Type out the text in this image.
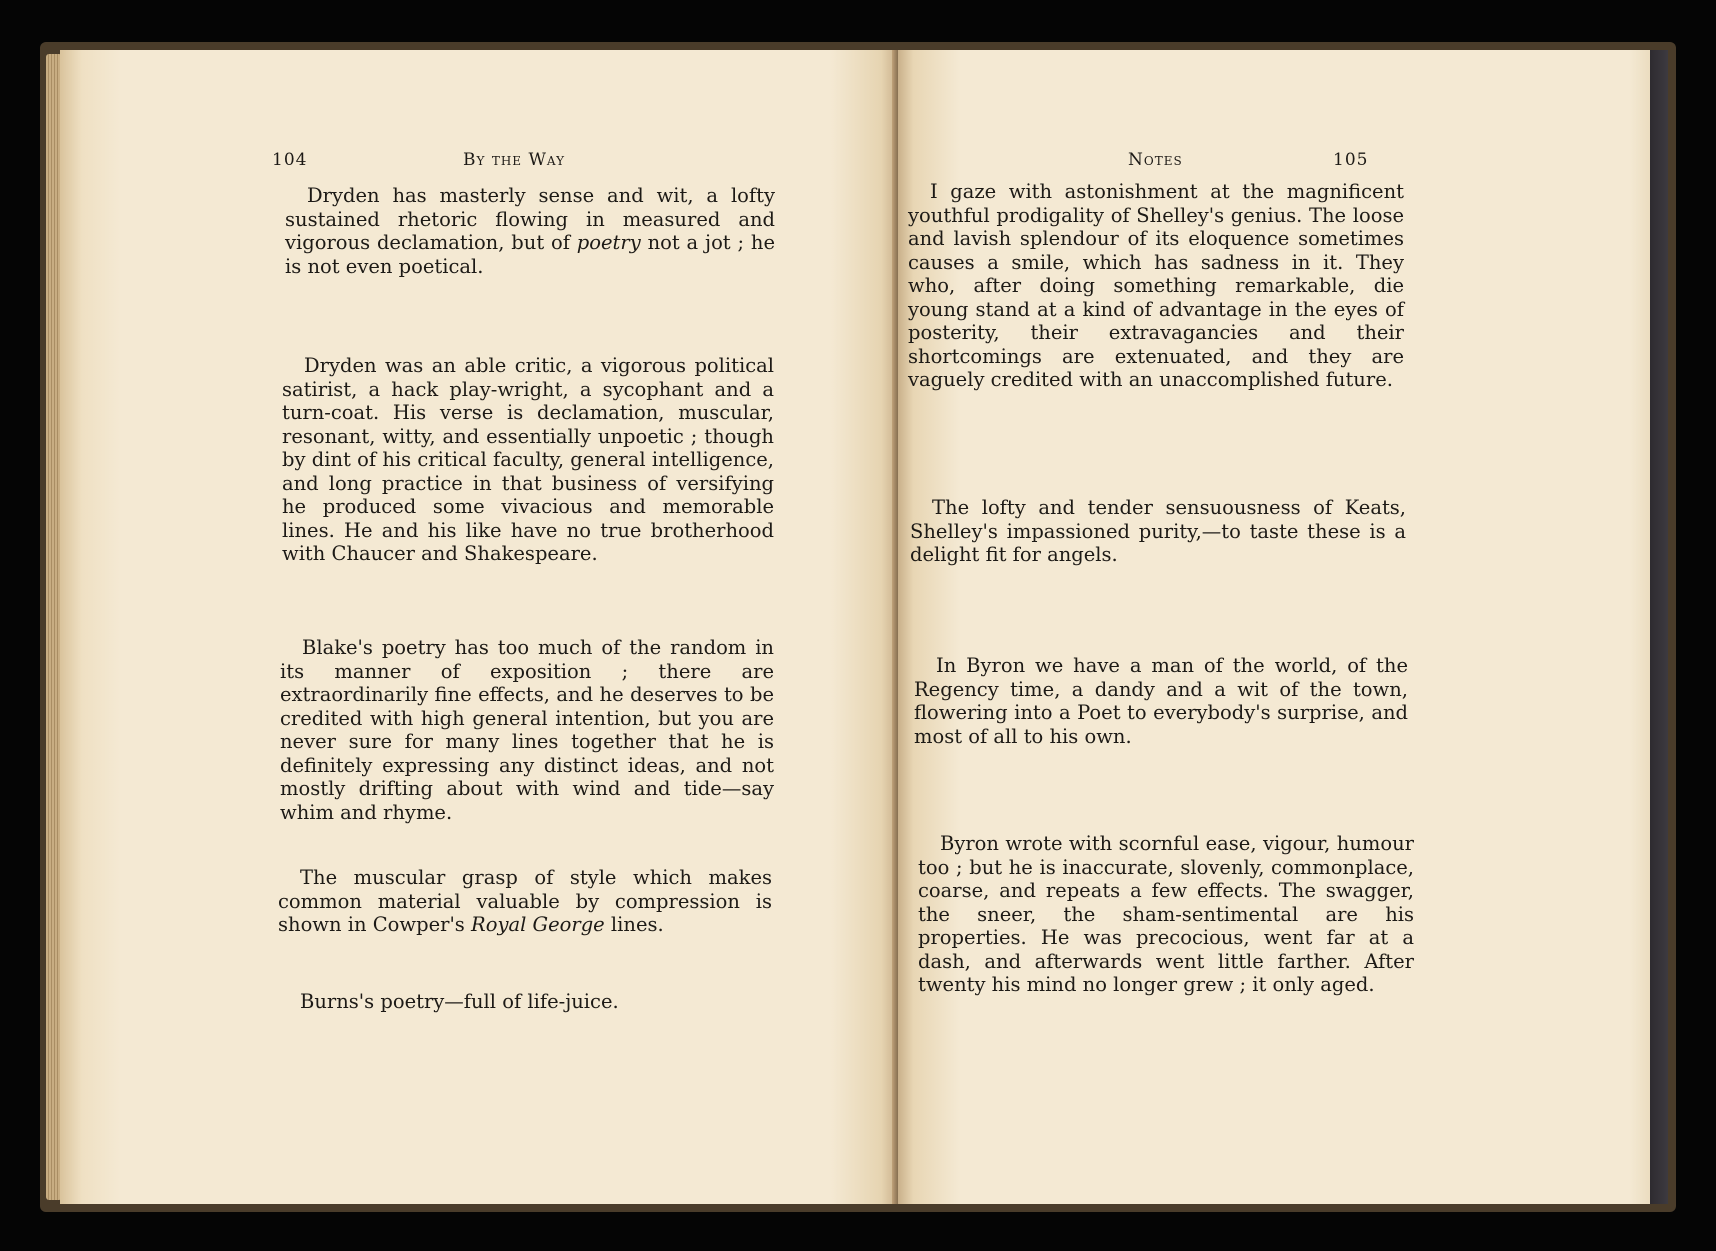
104	By the Way

Dryden has masterly sense and wit, a lofty sustained rhetoric flowing in measured and vigorous declamation, but of poetry not a jot ; he is not even poetical.

Dryden was an able critic, a vigorous political satirist, a hack play-wright, a sycophant and a turn-coat. His verse is declamation, muscular, resonant, witty, and essentially unpoetic ; though by dint of his critical faculty, general intelligence, and long practice in that business of versifying he produced some vivacious and memorable lines. He and his like have no true brotherhood with Chaucer and Shakespeare.

Blake's poetry has too much of the random in its manner of exposition ; there are extraordinarily fine effects, and he deserves to be credited with high general intention, but you are never sure for many lines together that he is definitely expressing any distinct ideas, and not mostly drifting about with wind and tide—say whim and rhyme.

The muscular grasp of style which makes common material valuable by compression is shown in Cowper's Royal George lines.

Burns's poetry—full of life-juice.

Notes	105

I gaze with astonishment at the magnificent youthful prodigality of Shelley's genius. The loose and lavish splendour of its eloquence sometimes causes a smile, which has sadness in it. They who, after doing something remarkable, die young stand at a kind of advantage in the eyes of posterity, their extravagancies and their shortcomings are extenuated, and they are vaguely credited with an unaccomplished future.

The lofty and tender sensuousness of Keats, Shelley's impassioned purity,—to taste these is a delight fit for angels.

In Byron we have a man of the world, of the Regency time, a dandy and a wit of the town, flowering into a Poet to everybody's surprise, and most of all to his own.

Byron wrote with scornful ease, vigour, humour too ; but he is inaccurate, slovenly, commonplace, coarse, and repeats a few effects. The swagger, the sneer, the sham-sentimental are his properties. He was precocious, went far at a dash, and afterwards went little farther. After twenty his mind no longer grew ; it only aged.
